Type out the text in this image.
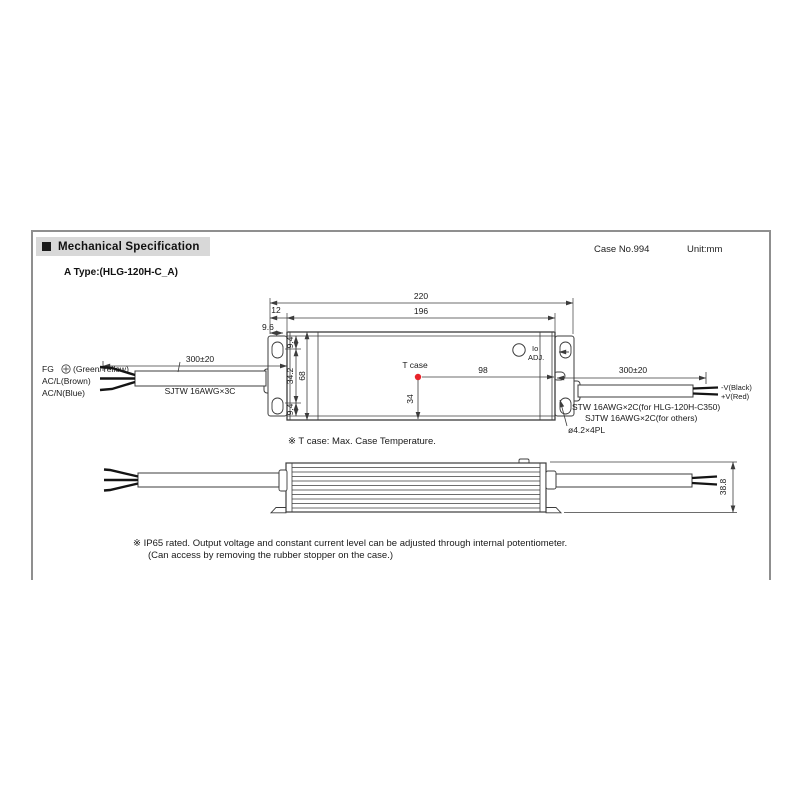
Mechanical Specification	Case No.994	Unit:mm
A Type:(HLG-120H-C_A)
220
196
12
9.6
9.4
34.2
9.4
68
T case	98
34
Io
ADJ.
300±20
FG (Green/Yellow)
AC/L(Brown)
AC/N(Blue)	SJTW 16AWG×3C
300±20
-V(Black)
+V(Red)
STW 16AWG×2C(for HLG-120H-C350)
SJTW 16AWG×2C(for others)
ø4.2×4PL
38.8
※ T case: Max. Case Temperature.
※ IP65 rated. Output voltage and constant current level can be adjusted through internal potentiometer.
(Can access by removing the rubber stopper on the case.)
